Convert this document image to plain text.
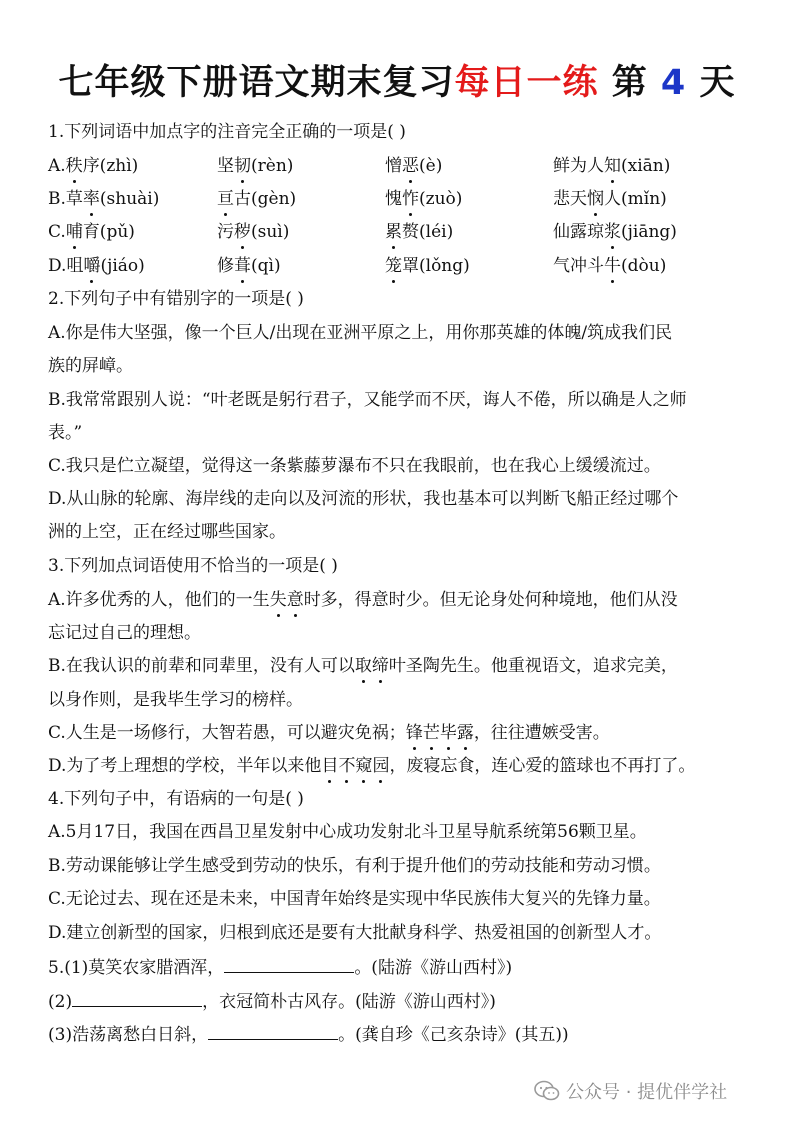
七年级下册语文期末复习每日一练 第 4 天
1.下列词语中加点字的注音完全正确的一项是( )
A.秩序(zhì)	坚韧(rèn)	憎恶(è)	鲜为人知(xiān)
B.草率(shuài)	亘古(gèn)	愧怍(zuò)	悲天悯人(mǐn)
C.哺育(pǔ)	污秽(suì)	累赘(léi)	仙露琼浆(jiāng)
D.咀嚼(jiáo)	修葺(qì)	笼罩(lǒng)	气冲斗牛(dòu)
2.下列句子中有错别字的一项是( )
A.你是伟大坚强，像一个巨人/出现在亚洲平原之上，用你那英雄的体魄/筑成我们民
族的屏嶂。
B.我常常跟别人说：“叶老既是躬行君子，又能学而不厌，诲人不倦，所以确是人之师
表。”
C.我只是伫立凝望，觉得这一条紫藤萝瀑布不只在我眼前，也在我心上缓缓流过。
D.从山脉的轮廓、海岸线的走向以及河流的形状，我也基本可以判断飞船正经过哪个
洲的上空，正在经过哪些国家。
3.下列加点词语使用不恰当的一项是( )
A.许多优秀的人，他们的一生失意时多，得意时少。但无论身处何种境地，他们从没
忘记过自己的理想。
B.在我认识的前辈和同辈里，没有人可以取缔叶圣陶先生。他重视语文，追求完美，
以身作则，是我毕生学习的榜样。
C.人生是一场修行，大智若愚，可以避灾免祸；锋芒毕露，往往遭嫉受害。
D.为了考上理想的学校，半年以来他目不窥园，废寝忘食，连心爱的篮球也不再打了。
4.下列句子中，有语病的一句是( )
A.5月17日，我国在西昌卫星发射中心成功发射北斗卫星导航系统第56颗卫星。
B.劳动课能够让学生感受到劳动的快乐，有利于提升他们的劳动技能和劳动习惯。
C.无论过去、现在还是未来，中国青年始终是实现中华民族伟大复兴的先锋力量。
D.建立创新型的国家，归根到底还是要有大批献身科学、热爱祖国的创新型人才。
5.(1)莫笑农家腊酒浑，	。(陆游《游山西村》)
(2)	，衣冠简朴古风存。(陆游《游山西村》)
(3)浩荡离愁白日斜，	。(龚自珍《己亥杂诗》(其五))
公众号 · 提优伴学社
